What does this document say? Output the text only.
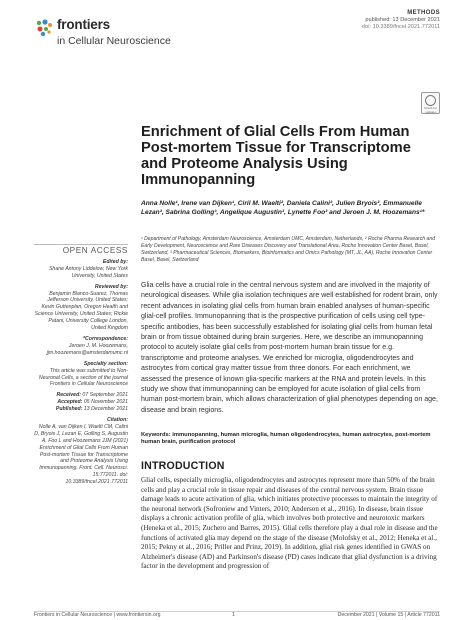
frontiers
in Cellular Neuroscience
METHODS
published: 13 December 2021
doi: 10.3389/fncel.2021.772011
Check for updates
Enrichment of Glial Cells From Human Post-mortem Tissue for Transcriptome and Proteome Analysis Using Immunopanning
Anna Nolle¹, Irene van Dijken¹, Ciril M. Waelti², Daniela Calini², Julien Bryois², Emmanuelle Lezan³, Sabrina Golling³, Angelique Augustin³, Lynette Foo² and Jeroen J. M. Hoozemans¹*
¹ Department of Pathology, Amsterdam Neuroscience, Amsterdam UMC, Amsterdam, Netherlands, ² Roche Pharma Research and Early Development, Neuroscience and Rare Diseases Discovery and Translational Area, Roche Innovation Center Basel, Basel, Switzerland, ³ Pharmaceutical Sciences, Biomarkers, Bioinformatics and Omics Pathology (MT, JL, AA), Roche Innovation Center Basel, Basel, Switzerland
Glia cells have a crucial role in the central nervous system and are involved in the majority of neurological diseases. While glia isolation techniques are well established for rodent brain, only recent advances in isolating glial cells from human brain enabled analyses of human-specific glial-cell profiles. Immunopanning that is the prospective purification of cells using cell type-specific antibodies, has been successfully established for isolating glial cells from human fetal brain or from tissue obtained during brain surgeries. Here, we describe an immunopanning protocol to acutely isolate glial cells from post-mortem human brain tissue for e.g. transcriptome and proteome analyses. We enriched for microglia, oligodendrocytes and astrocytes from cortical gray matter tissue from three donors. For each enrichment, we assessed the presence of known glia-specific markers at the RNA and protein levels. In this study we show that immunopanning can be employed for acute isolation of glial cells from human post-mortem brain, which allows characterization of glial phenotypes depending on age, disease and brain regions.
Keywords: immunopanning, human microglia, human oligodendrocytes, human astrocytes, post-mortem human brain, purification protocol
INTRODUCTION
Glial cells, especially microglia, oligodendrocytes and astrocytes represent more than 50% of the brain cells and play a crucial role in tissue repair and diseases of the central nervous system. Brain tissue damage leads to acute activation of glia, which initiates protective processes to maintain the integrity of the neuronal network (Sofroniew and Vinters, 2010; Anderson et al., 2016). In disease, brain tissue displays a chronic activation profile of glia, which involves both protective and neurotoxic markers (Heneka et al., 2015; Zuchero and Barres, 2015). Glial cells therefore play a dual role in disease and the functions of activated glia may depend on the stage of the disease (Molofsky et al., 2012; Heneka et al., 2015; Pekny et al., 2016; Priller and Prinz, 2019). In addition, glial risk genes identified in GWAS on Alzheimer's disease (AD) and Parkinson's disease (PD) cases indicate that glial dysfunction is a driving factor in the development and progression of
OPEN ACCESS
Edited by:
Shane Antony Liddelow, New York University, United States
Reviewed by:
Benjamin Blanco-Suarez, Thomas Jefferson University, United States; Kevin Guttenplan, Oregon Health and Science University, United States; Rickie Patani, University College London, United Kingdom
*Correspondence:
Jeroen J. M. Hoozemans, jjm.hoozemans@amsterdamumc.nl
Specialty section:
This article was submitted to Non-Neuronal Cells, a section of the journal Frontiers in Cellular Neuroscience
Received: 07 September 2021
Accepted: 05 November 2021
Published: 13 December 2021
Citation:
Nolle A, van Dijken I, Waelti CM, Calini D, Bryois J, Lezan E, Golling S, Augustin A, Foo L and Hoozemans JJM (2021) Enrichment of Glial Cells From Human Post-mortem Tissue for Transcriptome and Proteome Analysis Using Immunopanning. Front. Cell. Neurosci. 15:772011. doi: 10.3389/fncel.2021.772011
Frontiers in Cellular Neuroscience | www.frontiersin.org	1	December 2021 | Volume 15 | Article 772011
